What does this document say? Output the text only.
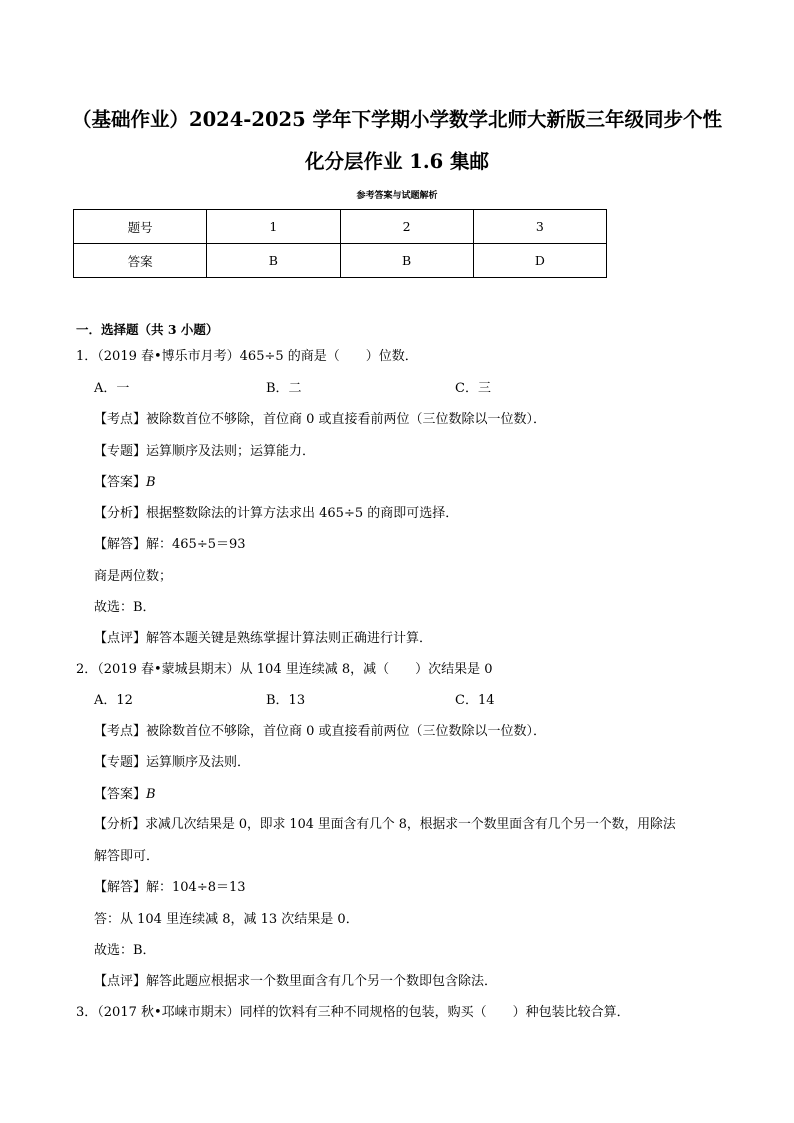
（基础作业）2024-2025 学年下学期小学数学北师大新版三年级同步个性
化分层作业 1.6 集邮
参考答案与试题解析
题号	1	2	3
答案	B	B	D
一．选择题（共 3 小题）
1．（2019 春•博乐市月考）465÷5 的商是（　　）位数．
A．一	B．二	C．三
【考点】被除数首位不够除，首位商 0 或直接看前两位（三位数除以一位数）．
【专题】运算顺序及法则；运算能力．
【答案】B
【分析】根据整数除法的计算方法求出 465÷5 的商即可选择．
【解答】解：465÷5＝93
商是两位数；
故选：B．
【点评】解答本题关键是熟练掌握计算法则正确进行计算．
2．（2019 春•蒙城县期末）从 104 里连续减 8，减（　　）次结果是 0
A．12	B．13	C．14
【考点】被除数首位不够除，首位商 0 或直接看前两位（三位数除以一位数）．
【专题】运算顺序及法则．
【答案】B
【分析】求减几次结果是 0，即求 104 里面含有几个 8，根据求一个数里面含有几个另一个数，用除法
解答即可．
【解答】解：104÷8＝13
答：从 104 里连续减 8，减 13 次结果是 0．
故选：B．
【点评】解答此题应根据求一个数里面含有几个另一个数即包含除法．
3．（2017 秋•邛崃市期末）同样的饮料有三种不同规格的包装，购买（　　）种包装比较合算．
